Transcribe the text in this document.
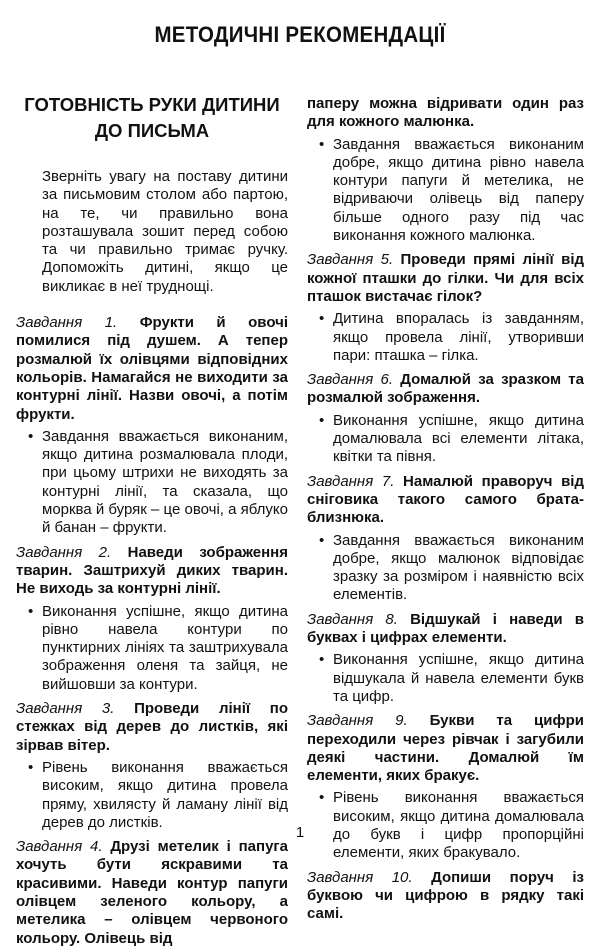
МЕТОДИЧНІ РЕКОМЕНДАЦІЇ
ГОТОВНІСТЬ РУКИ ДИТИНИ ДО ПИСЬМА

Зверніть увагу на поставу дитини за письмовим столом або партою, на те, чи правильно вона розташувала зошит перед собою та чи правильно тримає ручку. Допоможіть дитині, якщо це викликає в неї труднощі.

Завдання 1. Фрукти й овочі помилися під душем. А тепер розмалюй їх олівцями відповідних кольорів. Намагайся не виходити за контурні лінії. Назви овочі, а потім фрукти.

• Завдання вважається виконаним, якщо дитина розмалювала плоди, при цьому штрихи не виходять за контурні лінії, та сказала, що морква й буряк – це овочі, а яблуко й банан – фрукти.

Завдання 2. Наведи зображення тварин. Заштрихуй диких тварин. Не виходь за контурні лінії.

• Виконання успішне, якщо дитина рівно навела контури по пунктирних лініях та заштрихувала зображення оленя та зайця, не вийшовши за контури.

Завдання 3. Проведи лінії по стежках від дерев до листків, які зірвав вітер.

• Рівень виконання вважається високим, якщо дитина провела пряму, хвилясту й ламану лінії від дерев до листків.

Завдання 4. Друзі метелик і папуга хочуть бути яскравими та красивими. Наведи контур папуги олівцем зеленого кольору, а метелика – олівцем червоного кольору. Олівець від

паперу можна відривати один раз для кожного малюнка.

• Завдання вважається виконаним добре, якщо дитина рівно навела контури папуги й метелика, не відриваючи олівець від паперу більше одного разу під час виконання кожного малюнка.

Завдання 5. Проведи прямі лінії від кожної пташки до гілки. Чи для всіх пташок вистачає гілок?

• Дитина впоралась із завданням, якщо провела лінії, утворивши пари: пташка – гілка.

Завдання 6. Домалюй за зразком та розмалюй зображення.

• Виконання успішне, якщо дитина домалювала всі елементи літака, квітки та півня.

Завдання 7. Намалюй праворуч від сніговика такого самого брата-близнюка.

• Завдання вважається виконаним добре, якщо малюнок відповідає зразку за розміром і наявністю всіх елементів.

Завдання 8. Відшукай і наведи в буквах і цифрах елементи.

• Виконання успішне, якщо дитина відшукала й навела елементи букв та цифр.

Завдання 9. Букви та цифри переходили через рівчак і загубили деякі частини. Домалюй їм елементи, яких бракує.

• Рівень виконання вважається високим, якщо дитина домалювала до букв і цифр пропорційні елементи, яких бракувало.

Завдання 10. Допиши поруч із буквою чи цифрою в рядку такі самі.

1
